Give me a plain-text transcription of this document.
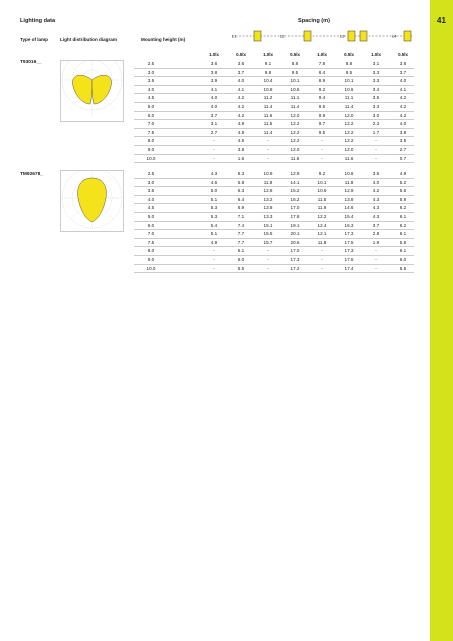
41
Lighting data	Spacing (m)
Type of lamp	Light distribution diagram	Mounting height (m)
L1	L2	L3	L4
1.0lx	0.5lx	1.0lx	0.5lx	1.0lx	0.5lx	1.0lx	0.5lx
T93016__	2.5	3.6	3.6	9.1	8.8	7.8	8.8	3.1	3.6
3.0	3.8	3.7	9.8	9.5	8.4	9.5	3.3	3.7
3.5	3.9	4.0	10.4	10.1	8.9	10.1	3.3	4.0
4.0	4.1	4.1	10.8	10.6	9.2	10.6	3.4	4.1
4.5	4.0	4.2	11.2	11.1	9.4	11.1	3.5	4.2
5.0	4.0	4.2	11.4	11.4	9.6	11.4	3.3	4.2
6.0	3.7	4.2	11.6	12.0	9.9	12.0	3.0	4.2
7.0	3.1	4.9	11.5	12.2	9.7	12.2	2.3	4.0
7.5	2.7	4.8	11.4	12.2	9.5	12.2	1.7	3.8
8.0	-	4.6	-	12.2	-	12.2	-	3.5
9.0	-	3.8	-	12.0	-	12.0	-	2.7
10.0	-	1.6	-	11.6	-	11.6	-	0.7
TM92678_	2.5	4.3	5.3	10.9	12.9	9.2	10.6	3.6	4.9
3.0	4.6	5.8	11.8	14.1	10.1	11.8	4.0	5.2
3.5	5.0	6.3	12.6	15.2	10.9	12.9	4.2	5.6
4.0	5.1	6.4	13.2	16.2	11.5	13.8	4.3	5.9
4.5	5.3	6.9	13.8	17.0	11.9	14.6	4.3	6.2
5.0	5.3	7.1	13.3	17.8	12.2	15.4	4.3	6.1
6.0	5.4	7.4	15.1	19.1	12.4	16.3	3.7	6.2
7.0	5.1	7.7	15.5	20.1	12.1	17.3	2.8	6.1
7.5	4.9	7.7	15.7	20.6	11.8	17.5	1.9	5.8
8.0	-	6.1	-	17.0	-	17.3	-	6.1
9.0	-	6.0	-	17.3	-	17.5	-	6.0
10.0	-	5.5	-	17.2	-	17.4	-	5.5
